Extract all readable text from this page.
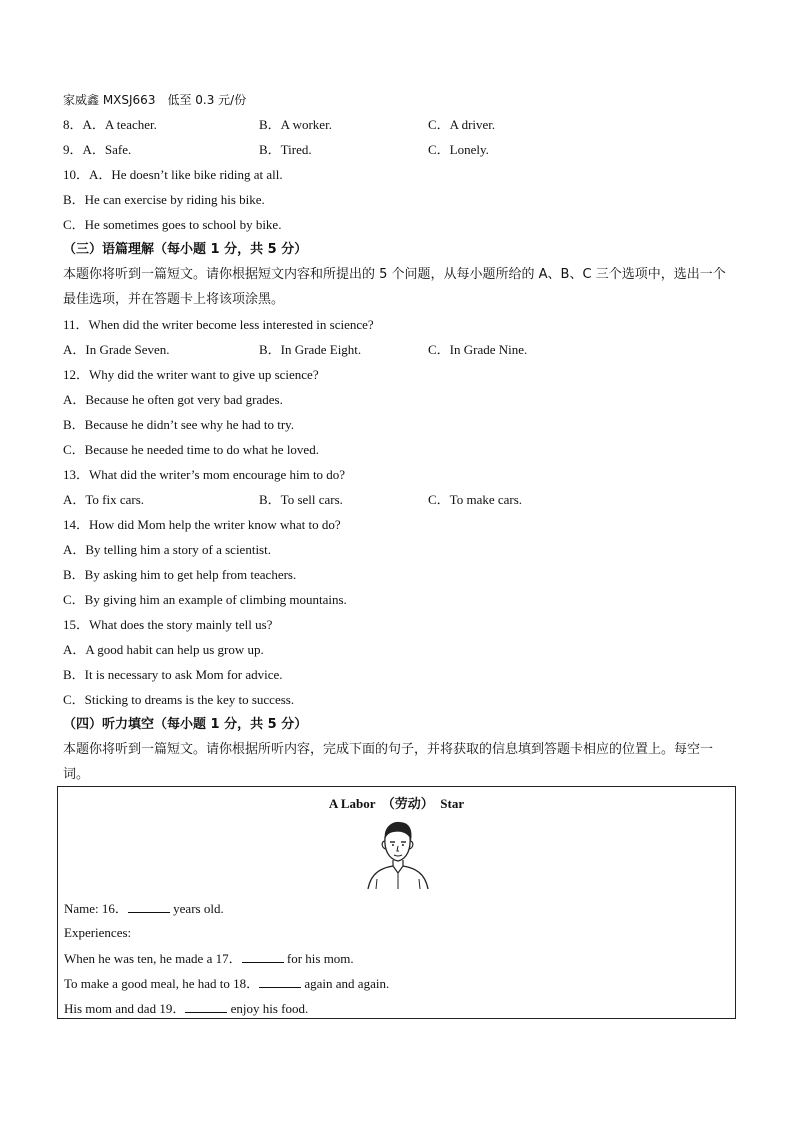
家威鑫 MXSJ663　低至 0.3 元/份
8．A．A teacher.	B．A worker.	C．A driver.
9．A．Safe.	B．Tired.	C．Lonely.
10．A．He doesn’t like bike riding at all.
B．He can exercise by riding his bike.
C．He sometimes goes to school by bike.
（三）语篇理解（每小题 1 分，共 5 分）
本题你将听到一篇短文。请你根据短文内容和所提出的 5 个问题，从每小题所给的 A、B、C 三个选项中，选出一个最佳选项，并在答题卡上将该项涂黑。
11．When did the writer become less interested in science?
A．In Grade Seven.	B．In Grade Eight.	C．In Grade Nine.
12．Why did the writer want to give up science?
A．Because he often got very bad grades.
B．Because he didn’t see why he had to try.
C．Because he needed time to do what he loved.
13．What did the writer’s mom encourage him to do?
A．To fix cars.	B．To sell cars.	C．To make cars.
14．How did Mom help the writer know what to do?
A．By telling him a story of a scientist.
B．By asking him to get help from teachers.
C．By giving him an example of climbing mountains.
15．What does the story mainly tell us?
A．A good habit can help us grow up.
B．It is necessary to ask Mom for advice.
C．Sticking to dreams is the key to success.
（四）听力填空（每小题 1 分，共 5 分）
本题你将听到一篇短文。请你根据所听内容，完成下面的句子，并将获取的信息填到答题卡相应的位置上。每空一词。
A Labor　（劳动）　Star
Name: 16．	years old.
Experiences:
When he was ten, he made a 17．	for his mom.
To make a good meal, he had to 18．	again and again.
His mom and dad 19．	enjoy his food.
